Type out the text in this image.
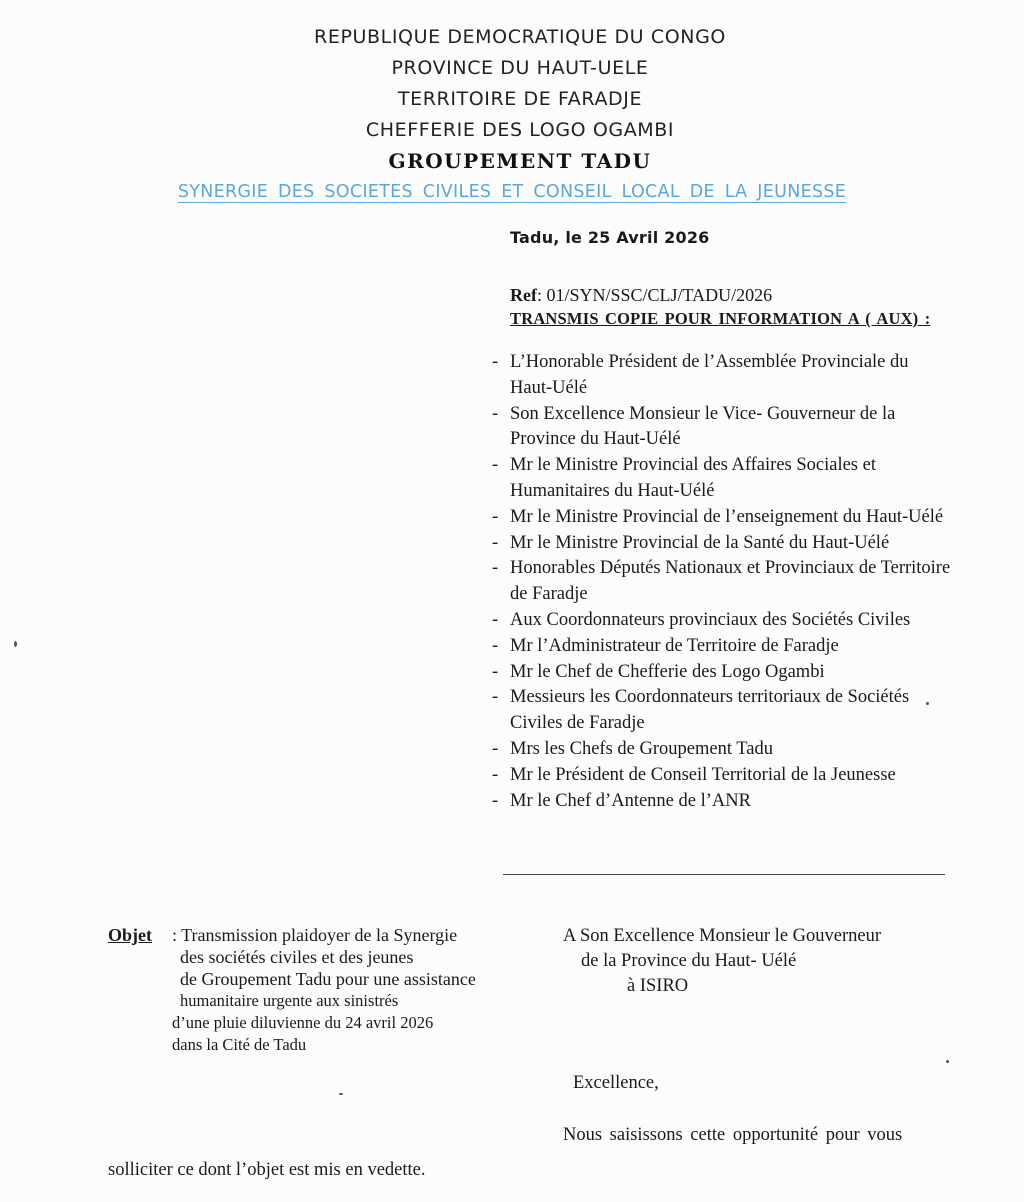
REPUBLIQUE DEMOCRATIQUE DU CONGO
PROVINCE DU HAUT-UELE
TERRITOIRE DE FARADJE
CHEFFERIE DES LOGO OGAMBI
GROUPEMENT TADU
SYNERGIE DES SOCIETES CIVILES ET CONSEIL LOCAL DE LA JEUNESSE
Tadu, le 25 Avril 2026
Ref: 01/SYN/SSC/CLJ/TADU/2026
TRANSMIS COPIE POUR INFORMATION A ( AUX) :
- L’Honorable Président de l’Assemblée Provinciale du Haut-Uélé
- Son Excellence Monsieur le Vice- Gouverneur de la Province du Haut-Uélé
- Mr le Ministre Provincial des Affaires Sociales et Humanitaires du Haut-Uélé
- Mr le Ministre Provincial de l’enseignement du Haut-Uélé
- Mr le Ministre Provincial de la Santé du Haut-Uélé
- Honorables Députés Nationaux et Provinciaux de Territoire de Faradje
- Aux Coordonnateurs provinciaux des Sociétés Civiles
- Mr l’Administrateur de Territoire de Faradje
- Mr le Chef de Chefferie des Logo Ogambi
- Messieurs les Coordonnateurs territoriaux de Sociétés Civiles de Faradje
- Mrs les Chefs de Groupement Tadu
- Mr le Président de Conseil Territorial de la Jeunesse
- Mr le Chef d’Antenne de l’ANR
Objet : Transmission plaidoyer de la Synergie
des sociétés civiles et des jeunes
de Groupement Tadu pour une assistance
humanitaire urgente aux sinistrés
d’une pluie diluvienne du 24 avril 2026
dans la Cité de Tadu
A Son Excellence Monsieur le Gouverneur
de la Province du Haut- Uélé
à ISIRO
Excellence,
Nous saisissons cette opportunité pour vous
solliciter ce dont l’objet est mis en vedette.
